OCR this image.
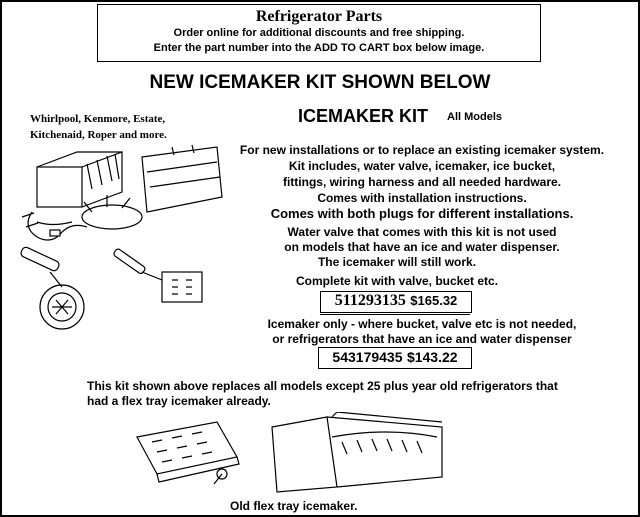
Refrigerator Parts
Order online for additional discounts and free shipping.
Enter the part number into the ADD TO CART box below image.
NEW ICEMAKER KIT SHOWN BELOW
Whirlpool, Kenmore, Estate, Kitchenaid, Roper and more.
ICEMAKER KIT All Models
For new installations or to replace an existing icemaker system.
Kit includes, water valve, icemaker, ice bucket,
fittings, wiring harness and all needed hardware.
Comes with installation instructions.
Comes with both plugs for different installations.
Water valve that comes with this kit is not used
on models that have an ice and water dispenser.
The icemaker will still work.
Complete kit with valve, bucket etc.
511293135 $165.32
Icemaker only - where bucket, valve etc is not needed,
or refrigerators that have an ice and water dispenser
543179435 $143.22
This kit shown above replaces all models except 25 plus year old refrigerators that
had a flex tray icemaker already.
Old flex tray icemaker.
